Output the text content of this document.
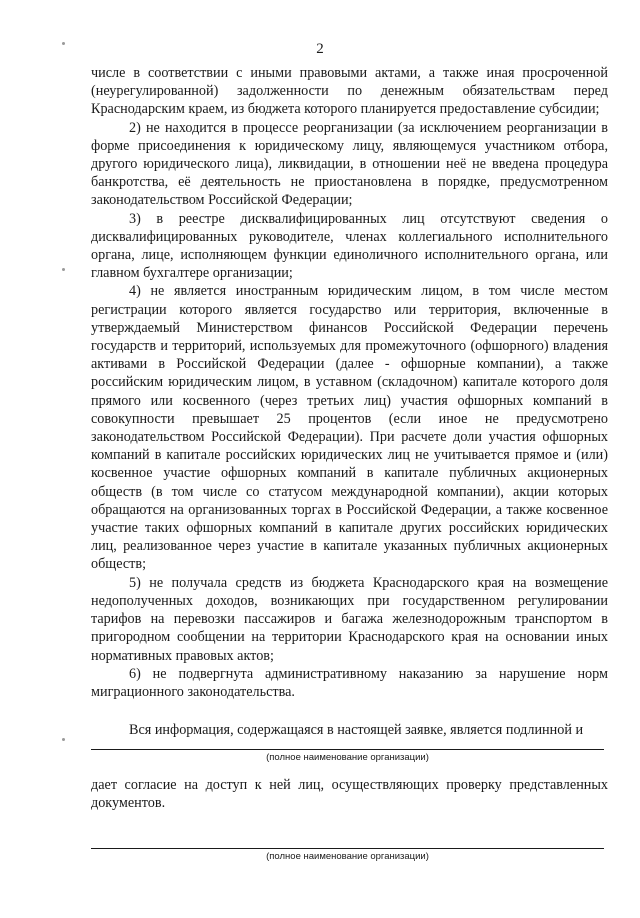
2

числе в соответствии с иными правовыми актами, а также иная просроченной (неурегулированной) задолженности по денежным обязательствам перед Краснодарским краем, из бюджета которого планируется предоставление субсидии;

2) не находится в процессе реорганизации (за исключением реорганизации в форме присоединения к юридическому лицу, являющемуся участником отбора, другого юридического лица), ликвидации, в отношении неё не введена процедура банкротства, её деятельность не приостановлена в порядке, предусмотренном законодательством Российской Федерации;

3) в реестре дисквалифицированных лиц отсутствуют сведения о дисквалифицированных руководителе, членах коллегиального исполнительного органа, лице, исполняющем функции единоличного исполнительного органа, или главном бухгалтере организации;

4) не является иностранным юридическим лицом, в том числе местом регистрации которого является государство или территория, включенные в утверждаемый Министерством финансов Российской Федерации перечень государств и территорий, используемых для промежуточного (офшорного) владения активами в Российской Федерации (далее - офшорные компании), а также российским юридическим лицом, в уставном (складочном) капитале которого доля прямого или косвенного (через третьих лиц) участия офшорных компаний в совокупности превышает 25 процентов (если иное не предусмотрено законодательством Российской Федерации). При расчете доли участия офшорных компаний в капитале российских юридических лиц не учитывается прямое и (или) косвенное участие офшорных компаний в капитале публичных акционерных обществ (в том числе со статусом международной компании), акции которых обращаются на организованных торгах в Российской Федерации, а также косвенное участие таких офшорных компаний в капитале других российских юридических лиц, реализованное через участие в капитале указанных публичных акционерных обществ;

5) не получала средств из бюджета Краснодарского края на возмещение недополученных доходов, возникающих при государственном регулировании тарифов на перевозки пассажиров и багажа железнодорожным транспортом в пригородном сообщении на территории Краснодарского края на основании иных нормативных правовых актов;

6) не подвергнута административному наказанию за нарушение норм миграционного законодательства.

Вся информация, содержащаяся в настоящей заявке, является подлинной и

(полное наименование организации)

дает согласие на доступ к ней лиц, осуществляющих проверку представленных документов.

(полное наименование организации)
